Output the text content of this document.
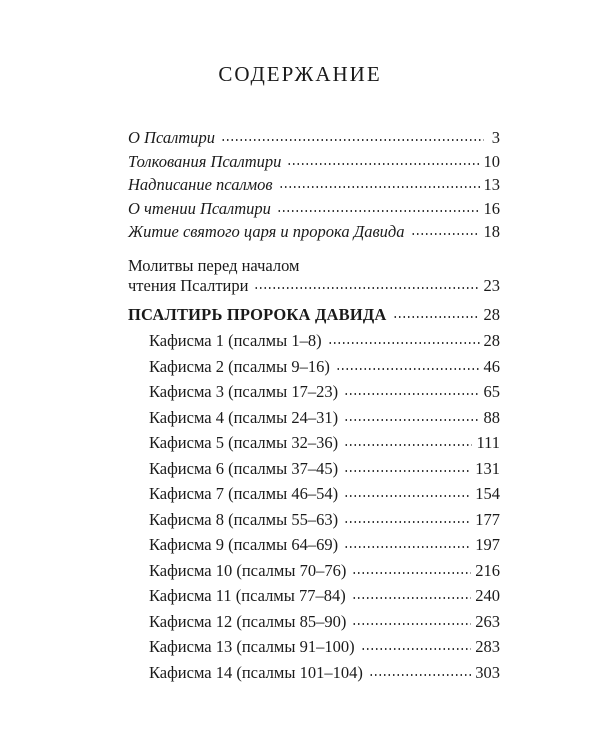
СОДЕРЖАНИЕ
О Псалтири	3
Толкования Псалтири	10
Надписание псалмов	13
О чтении Псалтири	16
Житие святого царя и пророка Давида	18
Молитвы перед началом
чтения Псалтири	23
ПСАЛТИРЬ ПРОРОКА ДАВИДА	28
Кафисма 1 (псалмы 1–8)	28
Кафисма 2 (псалмы 9–16)	46
Кафисма 3 (псалмы 17–23)	65
Кафисма 4 (псалмы 24–31)	88
Кафисма 5 (псалмы 32–36)	111
Кафисма 6 (псалмы 37–45)	131
Кафисма 7 (псалмы 46–54)	154
Кафисма 8 (псалмы 55–63)	177
Кафисма 9 (псалмы 64–69)	197
Кафисма 10 (псалмы 70–76)	216
Кафисма 11 (псалмы 77–84)	240
Кафисма 12 (псалмы 85–90)	263
Кафисма 13 (псалмы 91–100)	283
Кафисма 14 (псалмы 101–104)	303
